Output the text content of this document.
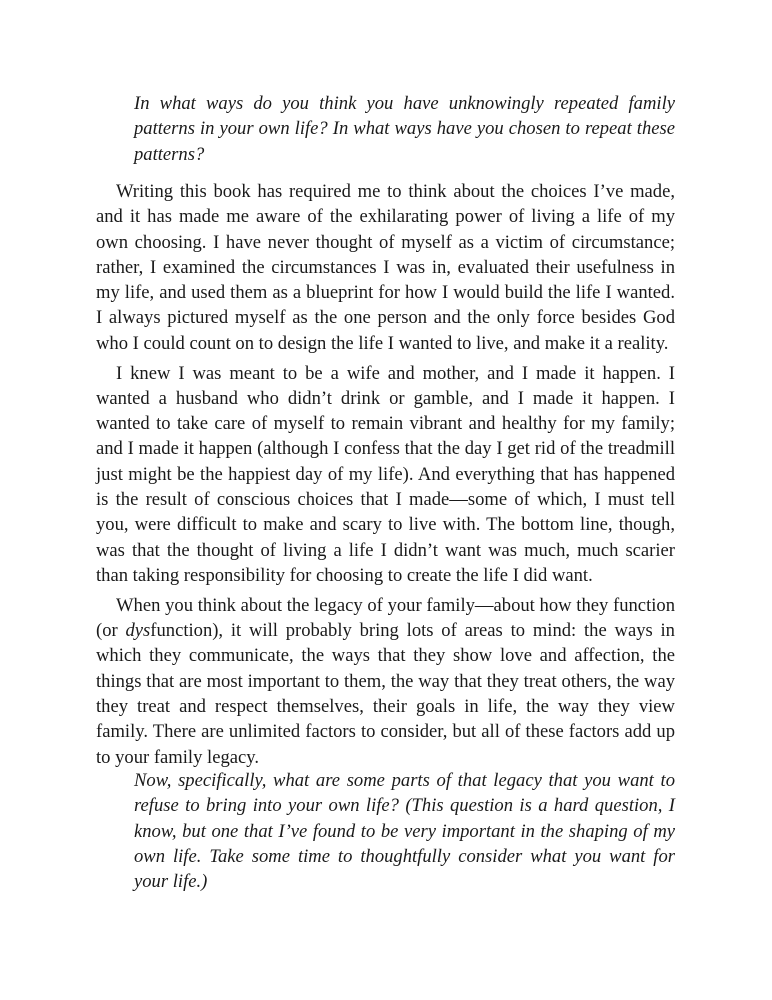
In what ways do you think you have unknowingly repeated family patterns in your own life? In what ways have you chosen to repeat these patterns?

Writing this book has required me to think about the choices I’ve made, and it has made me aware of the exhilarating power of living a life of my own choosing. I have never thought of myself as a victim of circumstance; rather, I examined the circumstances I was in, evaluated their usefulness in my life, and used them as a blueprint for how I would build the life I wanted. I always pictured myself as the one person and the only force besides God who I could count on to design the life I wanted to live, and make it a reality.

I knew I was meant to be a wife and mother, and I made it happen. I wanted a husband who didn’t drink or gamble, and I made it happen. I wanted to take care of myself to remain vibrant and healthy for my family; and I made it happen (although I confess that the day I get rid of the treadmill just might be the happiest day of my life). And everything that has happened is the result of conscious choices that I made—some of which, I must tell you, were difficult to make and scary to live with. The bottom line, though, was that the thought of living a life I didn’t want was much, much scarier than taking responsibility for choosing to create the life I did want.

When you think about the legacy of your family—about how they function (or dysfunction), it will probably bring lots of areas to mind: the ways in which they communicate, the ways that they show love and affection, the things that are most important to them, the way that they treat others, the way they treat and respect themselves, their goals in life, the way they view family. There are unlimited factors to consider, but all of these factors add up to your family legacy.

Now, specifically, what are some parts of that legacy that you want to refuse to bring into your own life? (This question is a hard question, I know, but one that I’ve found to be very important in the shaping of my own life. Take some time to thoughtfully consider what you want for your life.)
